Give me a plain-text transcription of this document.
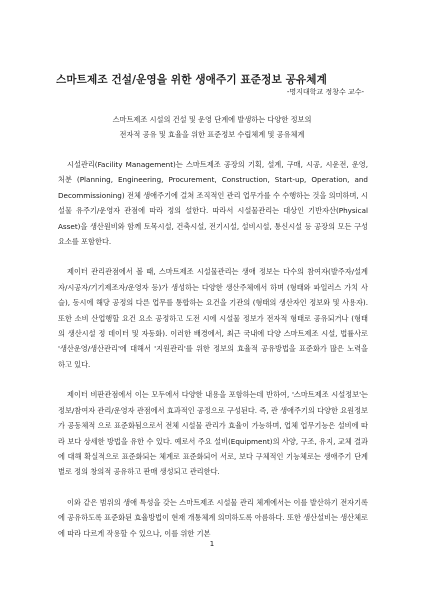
스마트제조 건설/운영을 위한 생애주기 표준정보 공유체계
-명지대학교 정창수 교수-

스마트제조 시설의 건설 및 운영 단계에 발생하는 다양한 정보의

전자적 공유 및 효율을 위한 표준정보 수립체계 및 공유체계

시설관리(Facility Management)는 스마트제조 공장의 기획, 설계, 구매, 시공, 시운전, 운영, 처분 (Planning, Engineering, Procurement, Construction, Start-up, Operation, and Decommissioning) 전체 생애주기에 걸쳐 조직적인 관리 업무가를 수 수행하는 것을 의미하며, 시설물 유주기/운영자 관점에 따라 정의 설한다. 따라서 시설물관리는 대상인 기반자산(Physical Asset)을 생산원비와 함께 토목시설, 건축시설, 전기시설, 설비시설, 통신시설 등 공장의 모든 구성요소를 포함한다.

제이터 관리관점에서 볼 때, 스마트제조 시설물관리는 생애 정보는 다수의 참여자(발주자/설계자/시공자/기기제조자/운영자 등)가 생성하는 다양한 생산주체에서 하며 (형태와 파일러스 가치 사슬), 동시에 해당 공정의 다른 업무를 통합하는 요건을 기관의 (형태의 생산자인 정보와 및 사용자). 또한 소비 산업행할 요건 요소 공정하고 도전 시에 시설물 정보가 전자적 형태로 공유되거나 (형태의 생산시설 정 데이터 및 자동화). 이러한 배경에서, 최근 국내에 다양 스마트제조 시설, 법률사로 '생산운영/생산관리'에 대해서 '지원관리'를 위한 정보의 효율적 공유방법을 표준화가 많은 노력을 하고 있다.

제이터 비판관점에서 이는 모두에서 다양한 내용을 포함하는데 반하여, '스마트제조 시설정보'는 정보/참여자 관리/운영자 관점에서 효과적인 공정으로 구성된다. 즉, 관 생애주기의 다양한 요원정보가 공동체적 으로 표준화됨으로서 전체 시설물 관리가 효율이 가능하며, 업체 업무기능은 설비에 따라 보다 상세한 방법을 유한 수 있다. 예로서 주요 설비(Equipment)의 사양, 구조, 유지, 교체 결과에 대해 확실적으로 표준화되는 체계로 표준화되어 서로, 보다 구체적인 기능체로는 생애주기 단계별로 정의 창의적 공유하고 판매 생성되고 관리한다.

이와 같은 범위의 생애 특성을 갖는 스마트제조 시설물 관리 체계에서는 이를 발산하기 전자기록에 공유하도록 표준화된 효율방법이 현재 개통체계 의미하도록 아름하다. 또한 생산설비는 생산체로에 따라 다르게 작용할 수 있으나, 이를 위한 기본

1
